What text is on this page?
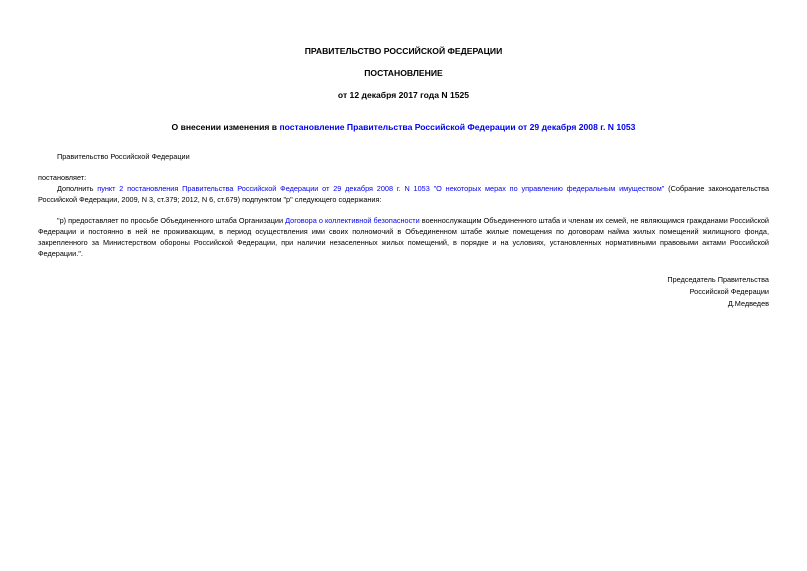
ПРАВИТЕЛЬСТВО РОССИЙСКОЙ ФЕДЕРАЦИИ
ПОСТАНОВЛЕНИЕ
от 12 декабря 2017 года N 1525
О внесении изменения в постановление Правительства Российской Федерации от 29 декабря 2008 г. N 1053
Правительство Российской Федерации
постановляет:
Дополнить пункт 2 постановления Правительства Российской Федерации от 29 декабря 2008 г. N 1053 "О некоторых мерах по управлению федеральным имуществом" (Собрание законодательства Российской Федерации, 2009, N 3, ст.379; 2012, N 6, ст.679) подпунктом "р" следующего содержания:
"р) предоставляет по просьбе Объединенного штаба Организации Договора о коллективной безопасности военнослужащим Объединенного штаба и членам их семей, не являющимся гражданами Российской Федерации и постоянно в ней не проживающим, в период осуществления ими своих полномочий в Объединенном штабе жилые помещения по договорам найма жилых помещений жилищного фонда, закрепленного за Министерством обороны Российской Федерации, при наличии незаселенных жилых помещений, в порядке и на условиях, установленных нормативными правовыми актами Российской Федерации.".
Председатель Правительства
Российской Федерации
Д.Медведев
